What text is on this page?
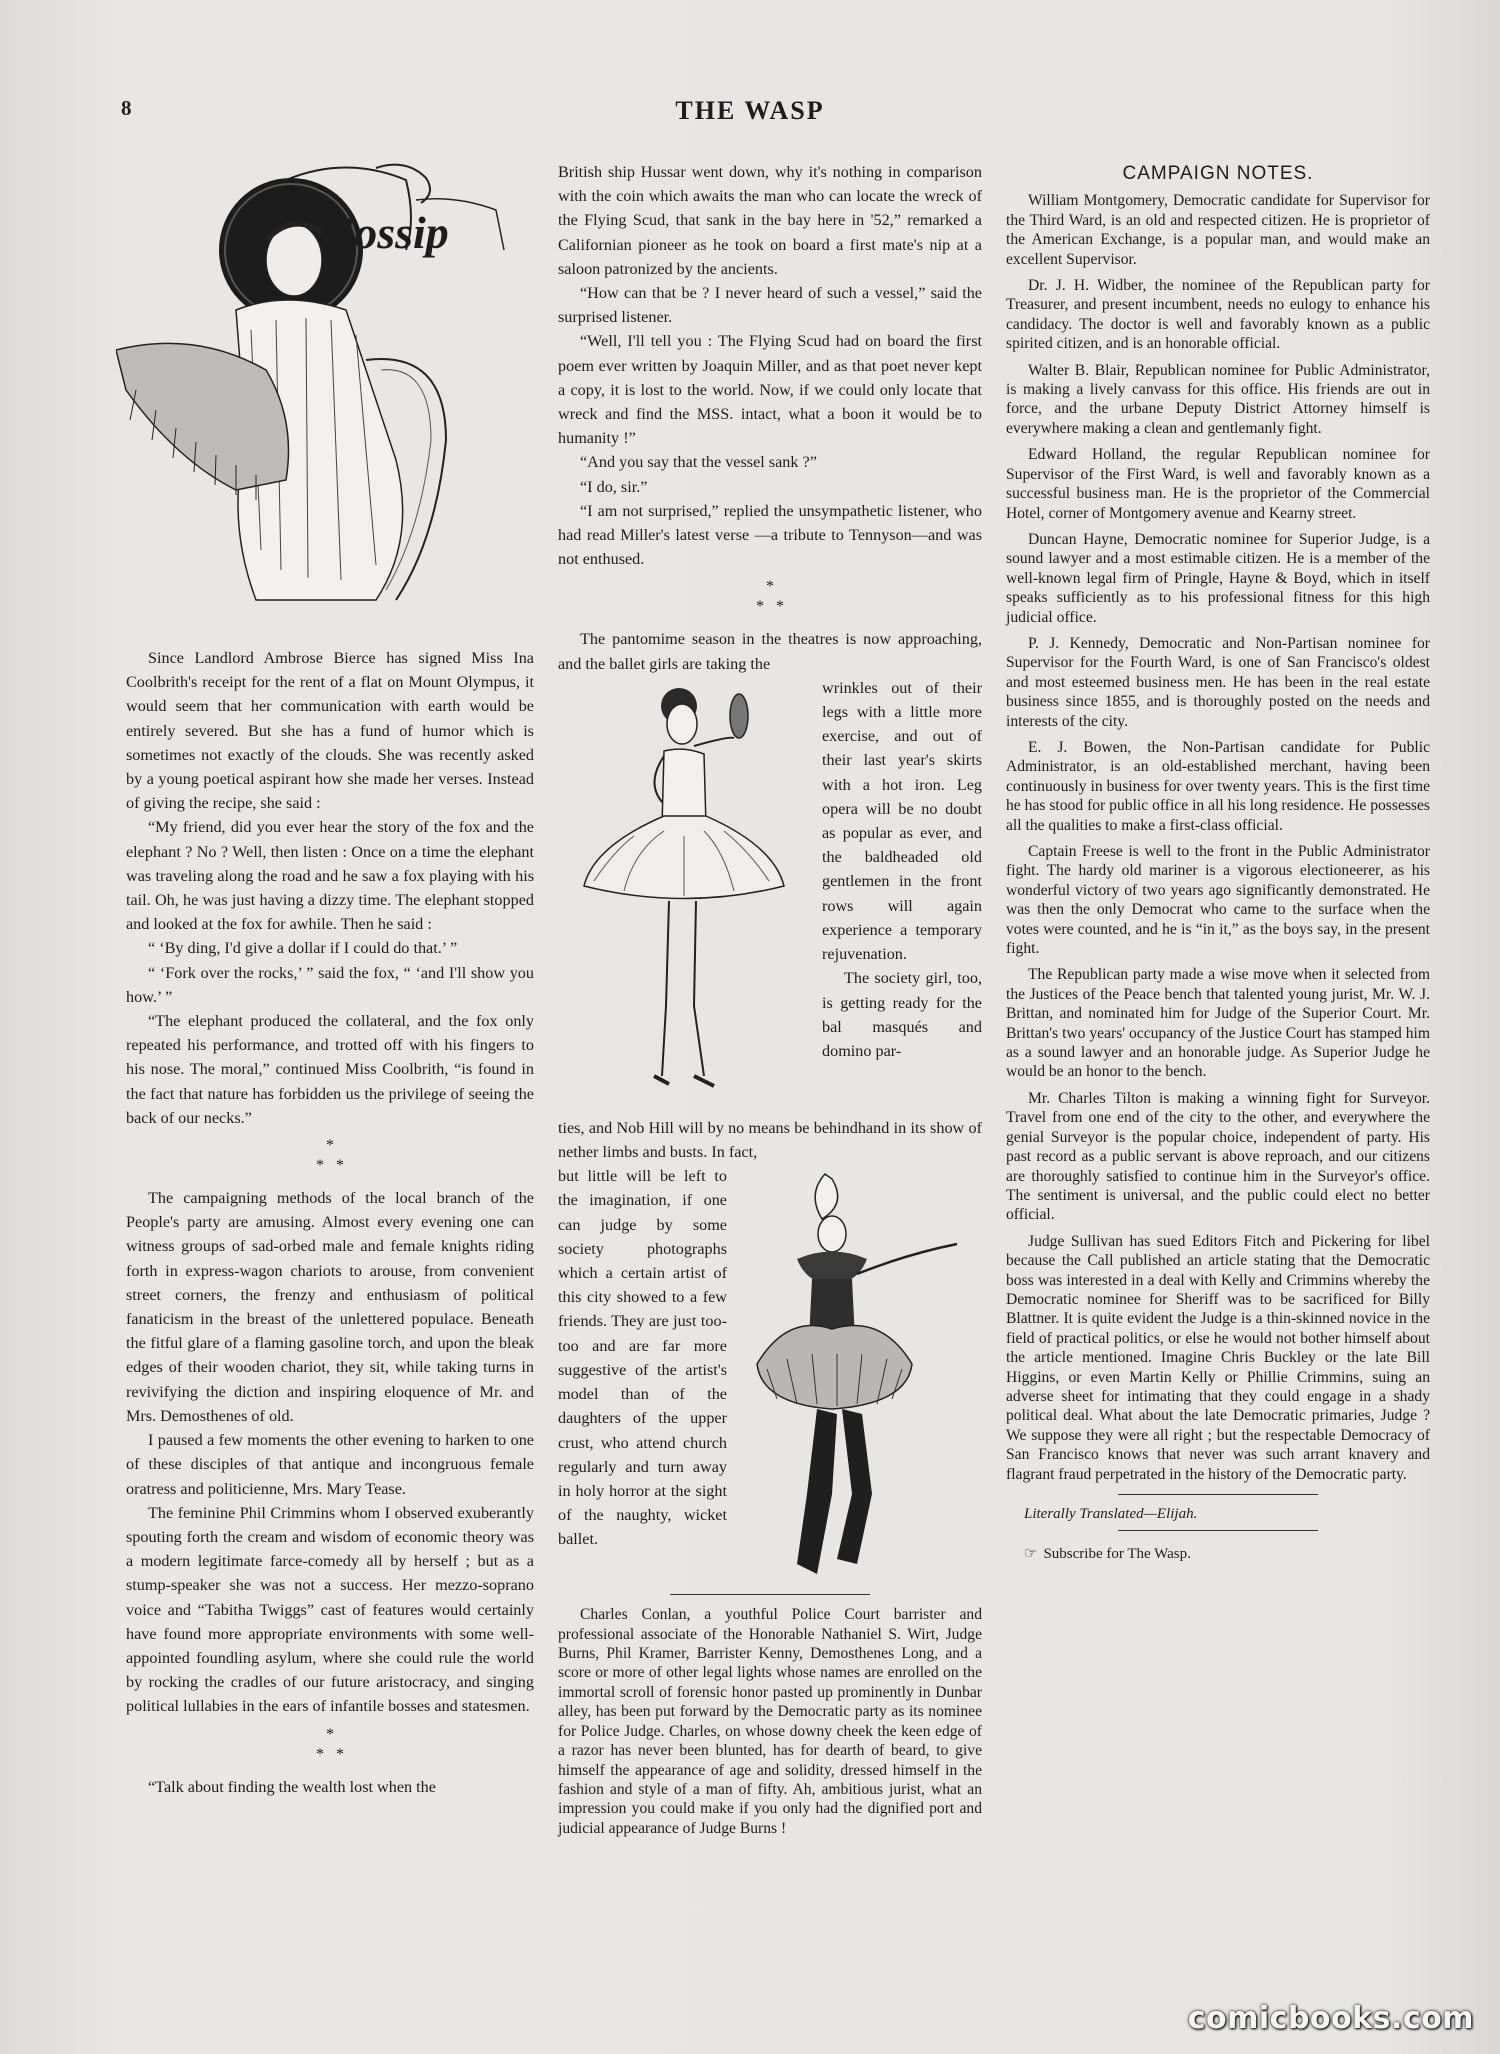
8	THE WASP
Gossip

Since Landlord Ambrose Bierce has signed Miss Ina Coolbrith's receipt for the rent of a flat on Mount Olympus, it would seem that her communication with earth would be entirely severed. But she has a fund of humor which is sometimes not exactly of the clouds. She was recently asked by a young poetical aspirant how she made her verses. Instead of giving the recipe, she said :

“My friend, did you ever hear the story of the fox and the elephant ? No ? Well, then listen : Once on a time the elephant was traveling along the road and he saw a fox playing with his tail. Oh, he was just having a dizzy time. The elephant stopped and looked at the fox for awhile. Then he said :

“ ‘By ding, I'd give a dollar if I could do that.’ ”

“ ‘Fork over the rocks,’ ” said the fox, “ ‘and I'll show you how.’ ”

“The elephant produced the collateral, and the fox only repeated his performance, and trotted off with his fingers to his nose. The moral,” continued Miss Coolbrith, “is found in the fact that nature has forbidden us the privilege of seeing the back of our necks.”

*
*   *

The campaigning methods of the local branch of the People's party are amusing. Almost every evening one can witness groups of sad-orbed male and female knights riding forth in express-wagon chariots to arouse, from convenient street corners, the frenzy and enthusiasm of political fanaticism in the breast of the unlettered populace. Beneath the fitful glare of a flaming gasoline torch, and upon the bleak edges of their wooden chariot, they sit, while taking turns in revivifying the diction and inspiring eloquence of Mr. and Mrs. Demosthenes of old.

I paused a few moments the other evening to harken to one of these disciples of that antique and incongruous female oratress and politicienne, Mrs. Mary Tease.

The feminine Phil Crimmins whom I observed exuberantly spouting forth the cream and wisdom of economic theory was a modern legitimate farce-comedy all by herself ; but as a stump-speaker she was not a success. Her mezzo-soprano voice and “Tabitha Twiggs” cast of features would certainly have found more appropriate environments with some well-appointed foundling asylum, where she could rule the world by rocking the cradles of our future aristocracy, and singing political lullabies in the ears of infantile bosses and statesmen.

*
*   *

“Talk about finding the wealth lost when the

British ship Hussar went down, why it's nothing in comparison with the coin which awaits the man who can locate the wreck of the Flying Scud, that sank in the bay here in '52,” remarked a Californian pioneer as he took on board a first mate's nip at a saloon patronized by the ancients.

“How can that be ? I never heard of such a vessel,” said the surprised listener.

“Well, I'll tell you : The Flying Scud had on board the first poem ever written by Joaquin Miller, and as that poet never kept a copy, it is lost to the world. Now, if we could only locate that wreck and find the MSS. intact, what a boon it would be to humanity !”

“And you say that the vessel sank ?”

“I do, sir.”

“I am not surprised,” replied the unsympathetic listener, who had read Miller's latest verse —a tribute to Tennyson—and was not enthused.

*
*   *

The pantomime season in the theatres is now approaching, and the ballet girls are taking the

wrinkles out of their legs with a little more exercise, and out of their last year's skirts with a hot iron. Leg opera will be no doubt as popular as ever, and the baldheaded old gentlemen in the front rows will again experience a temporary rejuvenation.

The society girl, too, is getting ready for the bal masqués and domino par-

ties, and Nob Hill will by no means be behindhand in its show of nether limbs and busts. In fact,

but little will be left to the imagination, if one can judge by some society photographs which a certain artist of this city showed to a few friends. They are just too-too and are far more suggestive of the artist's model than of the daughters of the upper crust, who attend church regularly and turn away in holy horror at the sight of the naughty, wicket ballet.

Charles Conlan, a youthful Police Court barrister and professional associate of the Honorable Nathaniel S. Wirt, Judge Burns, Phil Kramer, Barrister Kenny, Demosthenes Long, and a score or more of other legal lights whose names are enrolled on the immortal scroll of forensic honor pasted up prominently in Dunbar alley, has been put forward by the Democratic party as its nominee for Police Judge. Charles, on whose downy cheek the keen edge of a razor has never been blunted, has for dearth of beard, to give himself the appearance of age and solidity, dressed himself in the fashion and style of a man of fifty. Ah, ambitious jurist, what an impression you could make if you only had the dignified port and judicial appearance of Judge Burns !

CAMPAIGN NOTES.

William Montgomery, Democratic candidate for Supervisor for the Third Ward, is an old and respected citizen. He is proprietor of the American Exchange, is a popular man, and would make an excellent Supervisor.

Dr. J. H. Widber, the nominee of the Republican party for Treasurer, and present incumbent, needs no eulogy to enhance his candidacy. The doctor is well and favorably known as a public spirited citizen, and is an honorable official.

Walter B. Blair, Republican nominee for Public Administrator, is making a lively canvass for this office. His friends are out in force, and the urbane Deputy District Attorney himself is everywhere making a clean and gentlemanly fight.

Edward Holland, the regular Republican nominee for Supervisor of the First Ward, is well and favorably known as a successful business man. He is the proprietor of the Commercial Hotel, corner of Montgomery avenue and Kearny street.

Duncan Hayne, Democratic nominee for Superior Judge, is a sound lawyer and a most estimable citizen. He is a member of the well-known legal firm of Pringle, Hayne & Boyd, which in itself speaks sufficiently as to his professional fitness for this high judicial office.

P. J. Kennedy, Democratic and Non-Partisan nominee for Supervisor for the Fourth Ward, is one of San Francisco's oldest and most esteemed business men. He has been in the real estate business since 1855, and is thoroughly posted on the needs and interests of the city.

E. J. Bowen, the Non-Partisan candidate for Public Administrator, is an old-established merchant, having been continuously in business for over twenty years. This is the first time he has stood for public office in all his long residence. He possesses all the qualities to make a first-class official.

Captain Freese is well to the front in the Public Administrator fight. The hardy old mariner is a vigorous electioneerer, as his wonderful victory of two years ago significantly demonstrated. He was then the only Democrat who came to the surface when the votes were counted, and he is “in it,” as the boys say, in the present fight.

The Republican party made a wise move when it selected from the Justices of the Peace bench that talented young jurist, Mr. W. J. Brittan, and nominated him for Judge of the Superior Court. Mr. Brittan's two years' occupancy of the Justice Court has stamped him as a sound lawyer and an honorable judge. As Superior Judge he would be an honor to the bench.

Mr. Charles Tilton is making a winning fight for Surveyor. Travel from one end of the city to the other, and everywhere the genial Surveyor is the popular choice, independent of party. His past record as a public servant is above reproach, and our citizens are thoroughly satisfied to continue him in the Surveyor's office. The sentiment is universal, and the public could elect no better official.

Judge Sullivan has sued Editors Fitch and Pickering for libel because the Call published an article stating that the Democratic boss was interested in a deal with Kelly and Crimmins whereby the Democratic nominee for Sheriff was to be sacrificed for Billy Blattner. It is quite evident the Judge is a thin-skinned novice in the field of practical politics, or else he would not bother himself about the article mentioned. Imagine Chris Buckley or the late Bill Higgins, or even Martin Kelly or Phillie Crimmins, suing an adverse sheet for intimating that they could engage in a shady political deal. What about the late Democratic primaries, Judge ? We suppose they were all right ; but the respectable Democracy of San Francisco knows that never was such arrant knavery and flagrant fraud perpetrated in the history of the Democratic party.

Literally Translated—Elijah.
☞ Subscribe for The Wasp.
comicbooks.com
